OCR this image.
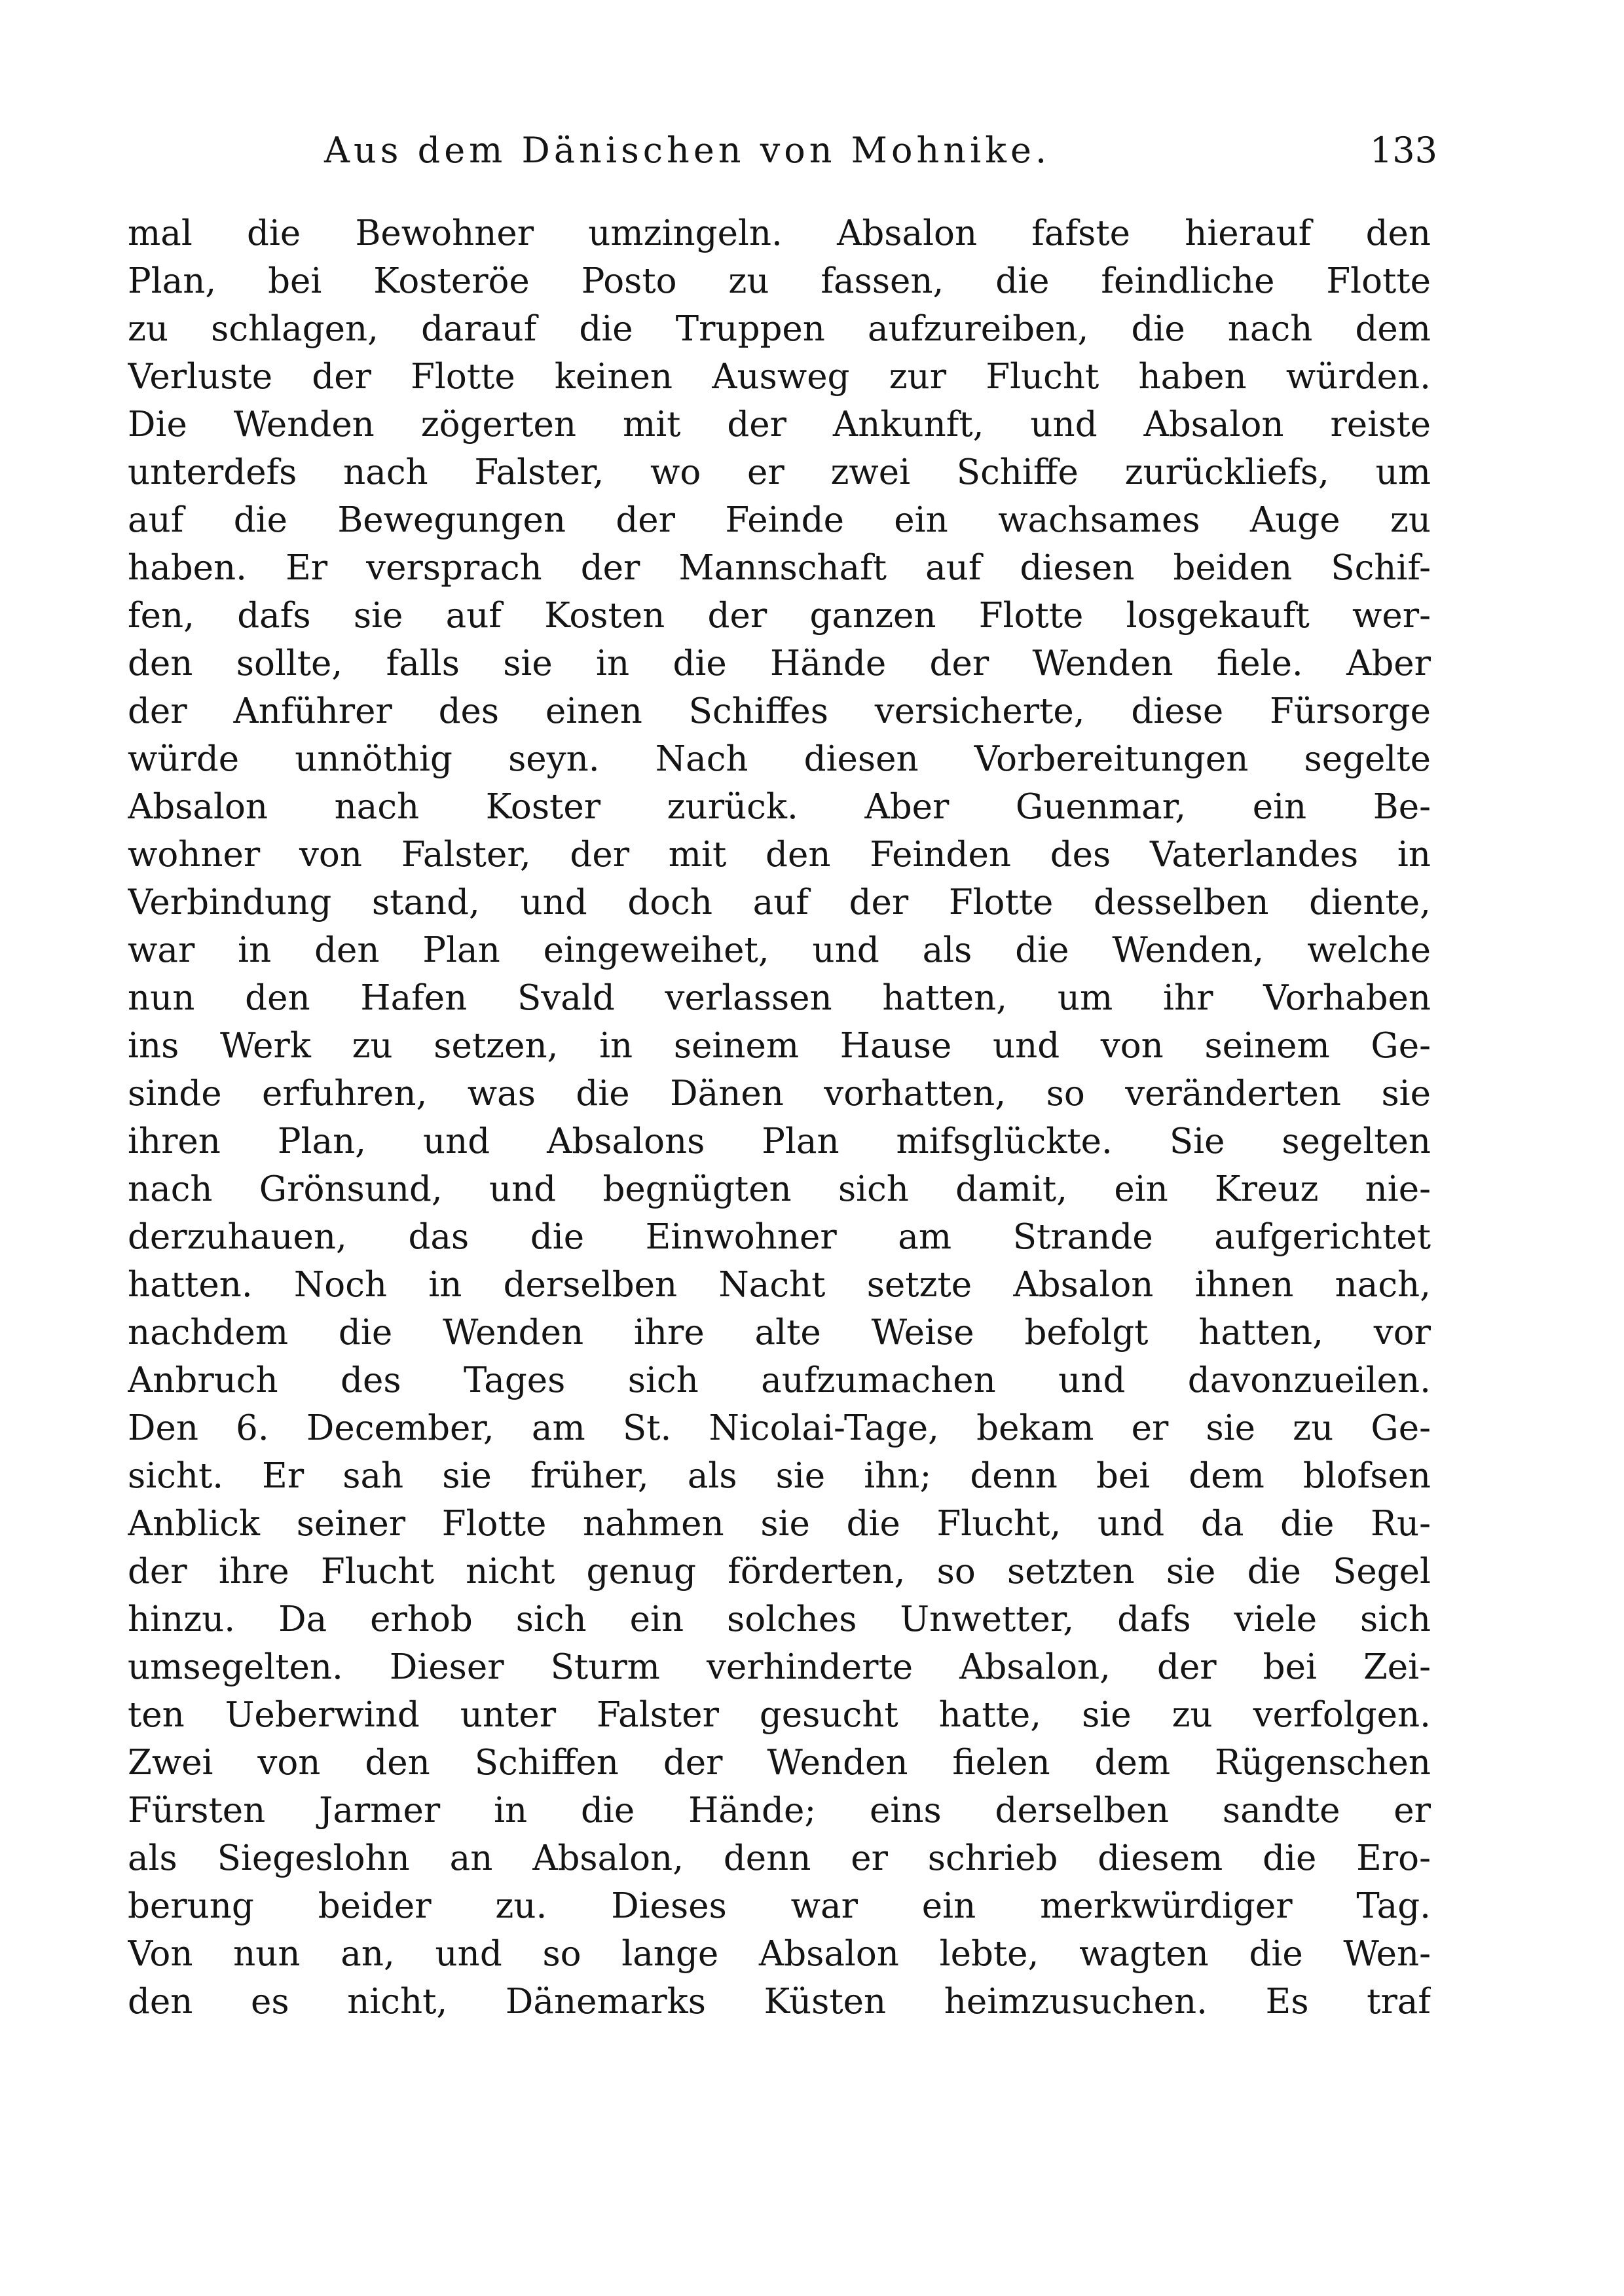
Aus dem Dänischen von Mohnike.	133
mal die Bewohner umzingeln. Absalon fafste hierauf den
Plan, bei Kosteröe Posto zu fassen, die feindliche Flotte
zu schlagen, darauf die Truppen aufzureiben, die nach dem
Verluste der Flotte keinen Ausweg zur Flucht haben würden.
Die Wenden zögerten mit der Ankunft, und Absalon reiste
unterdefs nach Falster, wo er zwei Schiffe zurückliefs, um
auf die Bewegungen der Feinde ein wachsames Auge zu
haben. Er versprach der Mannschaft auf diesen beiden Schif-
fen, dafs sie auf Kosten der ganzen Flotte losgekauft wer-
den sollte, falls sie in die Hände der Wenden fiele. Aber
der Anführer des einen Schiffes versicherte, diese Fürsorge
würde unnöthig seyn. Nach diesen Vorbereitungen segelte
Absalon nach Koster zurück. Aber Guenmar, ein Be-
wohner von Falster, der mit den Feinden des Vaterlandes in
Verbindung stand, und doch auf der Flotte desselben diente,
war in den Plan eingeweihet, und als die Wenden, welche
nun den Hafen Svald verlassen hatten, um ihr Vorhaben
ins Werk zu setzen, in seinem Hause und von seinem Ge-
sinde erfuhren, was die Dänen vorhatten, so veränderten sie
ihren Plan, und Absalons Plan mifsglückte. Sie segelten
nach Grönsund, und begnügten sich damit, ein Kreuz nie-
derzuhauen, das die Einwohner am Strande aufgerichtet
hatten. Noch in derselben Nacht setzte Absalon ihnen nach,
nachdem die Wenden ihre alte Weise befolgt hatten, vor
Anbruch des Tages sich aufzumachen und davonzueilen.
Den 6. December, am St. Nicolai-Tage, bekam er sie zu Ge-
sicht. Er sah sie früher, als sie ihn; denn bei dem blofsen
Anblick seiner Flotte nahmen sie die Flucht, und da die Ru-
der ihre Flucht nicht genug förderten, so setzten sie die Segel
hinzu. Da erhob sich ein solches Unwetter, dafs viele sich
umsegelten. Dieser Sturm verhinderte Absalon, der bei Zei-
ten Ueberwind unter Falster gesucht hatte, sie zu verfolgen.
Zwei von den Schiffen der Wenden fielen dem Rügenschen
Fürsten Jarmer in die Hände; eins derselben sandte er
als Siegeslohn an Absalon, denn er schrieb diesem die Ero-
berung beider zu. Dieses war ein merkwürdiger Tag.
Von nun an, und so lange Absalon lebte, wagten die Wen-
den es nicht, Dänemarks Küsten heimzusuchen. Es traf
